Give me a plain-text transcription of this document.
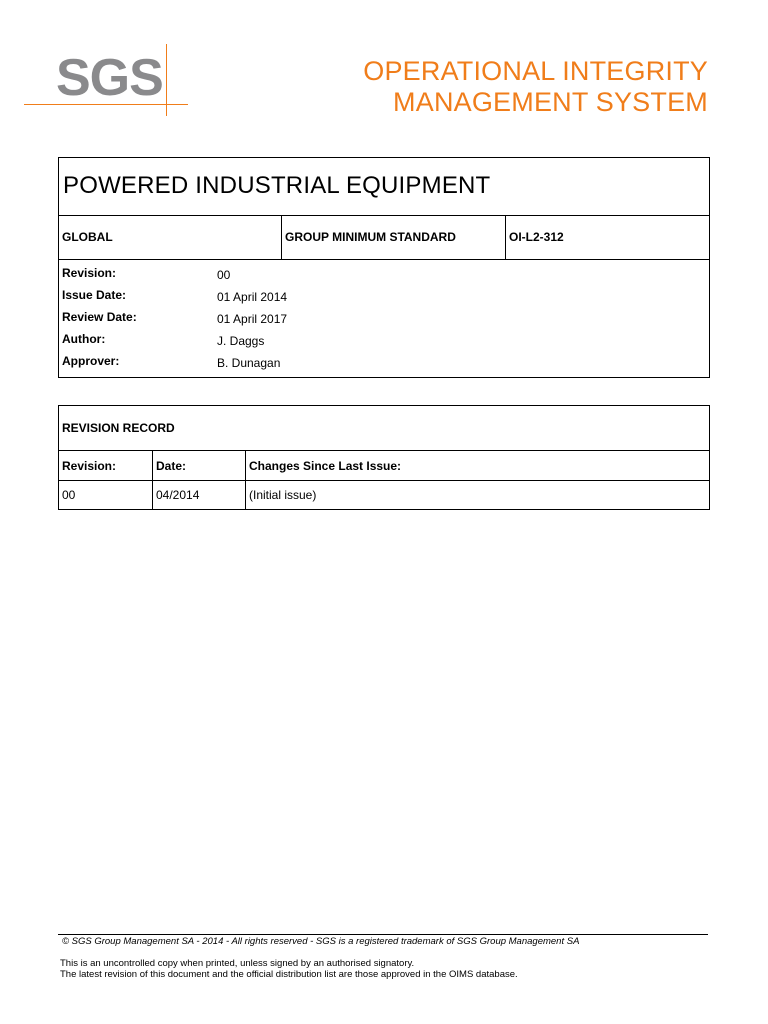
SGS	OPERATIONAL INTEGRITY
MANAGEMENT SYSTEM
POWERED INDUSTRIAL EQUIPMENT
GLOBAL	GROUP MINIMUM STANDARD	OI-L2-312
Revision:	00
Issue Date:	01 April 2014
Review Date:	01 April 2017
Author:	J. Daggs
Approver:	B. Dunagan
REVISION RECORD
Revision:	Date:	Changes Since Last Issue:
00	04/2014	(Initial issue)
© SGS Group Management SA - 2014 - All rights reserved - SGS is a registered trademark of SGS Group Management SA
This is an uncontrolled copy when printed, unless signed by an authorised signatory.
The latest revision of this document and the official distribution list are those approved in the OIMS database.
